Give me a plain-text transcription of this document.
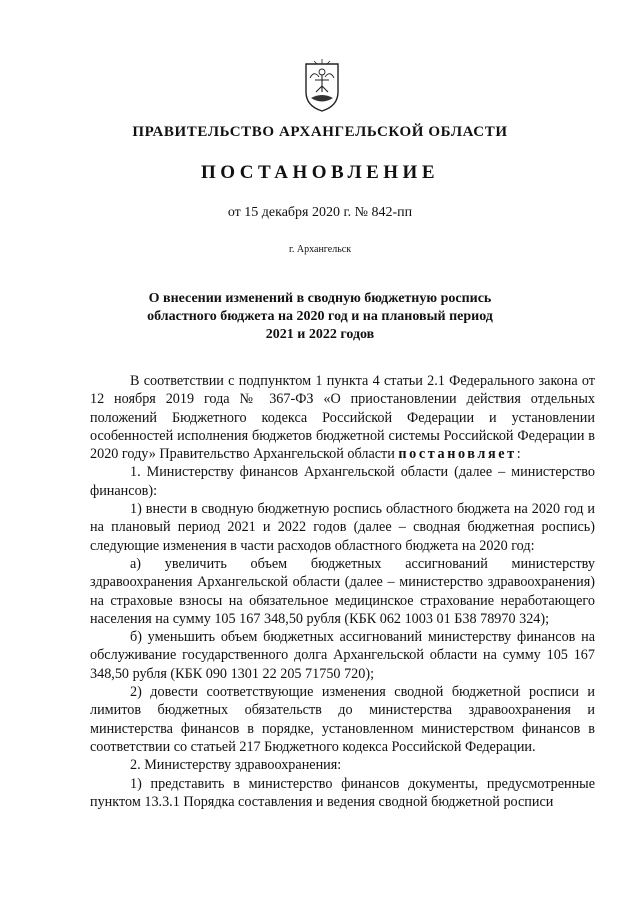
ПРАВИТЕЛЬСТВО АРХАНГЕЛЬСКОЙ ОБЛАСТИ
ПОСТАНОВЛЕНИЕ
от 15 декабря 2020 г. № 842-пп
г. Архангельск
О внесении изменений в сводную бюджетную роспись
областного бюджета на 2020 год и на плановый период
2021 и 2022 годов

В соответствии с подпунктом 1 пункта 4 статьи 2.1 Федерального закона от 12 ноября 2019 года № 367-ФЗ «О приостановлении действия отдельных положений Бюджетного кодекса Российской Федерации и установлении особенностей исполнения бюджетов бюджетной системы Российской Федерации в 2020 году» Правительство Архангельской области постановляет:

1. Министерству финансов Архангельской области (далее – министерство финансов):

1) внести в сводную бюджетную роспись областного бюджета на 2020 год и на плановый период 2021 и 2022 годов (далее – сводная бюджетная роспись) следующие изменения в части расходов областного бюджета на 2020 год:

а) увеличить объем бюджетных ассигнований министерству здравоохранения Архангельской области (далее – министерство здравоохранения) на страховые взносы на обязательное медицинское страхование неработающего населения на сумму 105 167 348,50 рубля (КБК 062 1003 01 Б38 78970 324);

б) уменьшить объем бюджетных ассигнований министерству финансов на обслуживание государственного долга Архангельской области на сумму 105 167 348,50 рубля (КБК 090 1301 22 205 71750 720);

2) довести соответствующие изменения сводной бюджетной росписи и лимитов бюджетных обязательств до министерства здравоохранения и министерства финансов в порядке, установленном министерством финансов в соответствии со статьей 217 Бюджетного кодекса Российской Федерации.

2. Министерству здравоохранения:

1) представить в министерство финансов документы, предусмотренные пунктом 13.3.1 Порядка составления и ведения сводной бюджетной росписи
